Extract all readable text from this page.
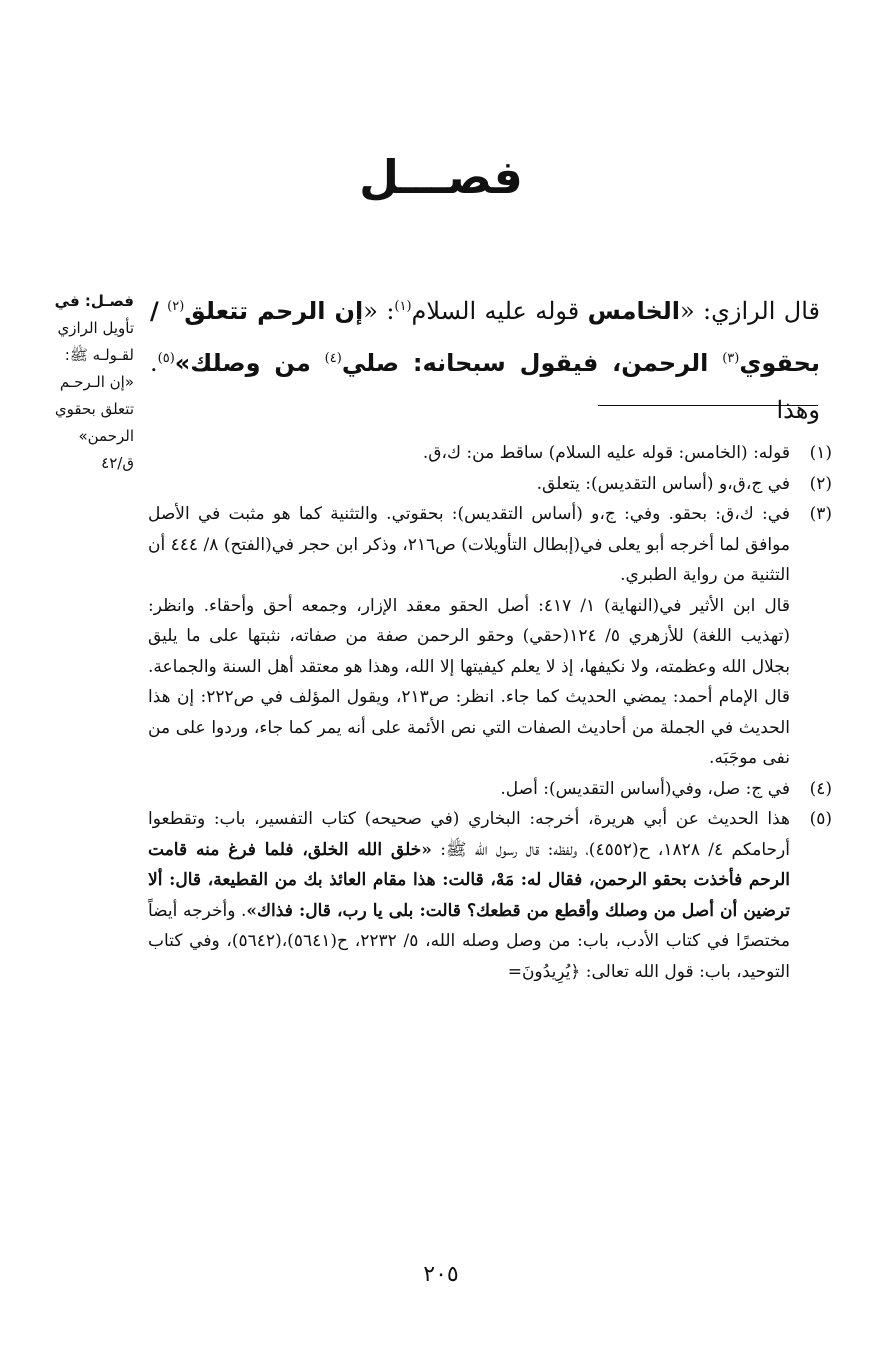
فصـــل
فصـل: في
تأويل الرازي
لقـولـه ﷺ:
«إن الـرحـم
تتعلق بحقوي
الرحمن»
ق/٤٢
قال الرازي: «الخامس قوله عليه السلام$^{(١)}$: «إن الرحم تتعلق$^{(٢)}$ / بحقوي$^{(٣)}$ الرحمن، فيقول سبحانه: صلي$^{(٤)}$ من وصلك»$^{(٥)}$. وهذا
(١)
قوله: (الخامس: قوله عليه السلام) ساقط من: ك،ق.
(٢)
في ج،ق،و (أساس التقديس): يتعلق.
(٣)

في: ك،ق: بحقو. وفي: ج،و (أساس التقديس): بحقوتي. والتثنية كما هو مثبت في الأصل موافق لما أخرجه أبو يعلى في(إبطال التأويلات) ص٢١٦، وذكر ابن حجر في(الفتح) ٨/ ٤٤٤ أن التثنية من رواية الطبري.

قال ابن الأثير في(النهاية) ١/ ٤١٧: أصل الحقو معقد الإزار، وجمعه أحق وأحقاء. وانظر: (تهذيب اللغة) للأزهري ٥/ ١٢٤(حقي) وحقو الرحمن صفة من صفاته، نثبتها على ما يليق بجلال الله وعظمته، ولا نكيفها، إذ لا يعلم كيفيتها إلا الله، وهذا هو معتقد أهل السنة والجماعة. قال الإمام أحمد: يمضي الحديث كما جاء. انظر: ص٢١٣، ويقول المؤلف في ص٢٢٢: إن هذا الحديث في الجملة من أحاديث الصفات التي نص الأئمة على أنه يمر كما جاء، وردوا على من نفى موجَبَه.

(٤)
في ج: صل، وفي(أساس التقديس): أصل.
(٥)
هذا الحديث عن أبي هريرة، أخرجه: البخاري (في صحيحه) كتاب التفسير، باب: وتقطعوا أرحامكم ٤/ ١٨٢٨، ح(٤٥٥٢)، ولفظه: قال رسول الله ﷺ: «خلق الله الخلق، فلما فرغ منه قامت الرحم فأخذت بحقو الرحمن، فقال له: مَهْ، قالت: هذا مقام العائذ بك من القطيعة، قال: ألا ترضين أن أصل من وصلك وأقطع من قطعك؟ قالت: بلى يا رب، قال: فذاك». وأخرجه أيضاً مختصرًا في كتاب الأدب، باب: من وصل وصله الله، ٥/ ٢٢٣٢، ح(٥٦٤١)،(٥٦٤٢)، وفي كتاب التوحيد، باب: قول الله تعالى: ﴿يُرِيدُونَ=
٢٠٥
